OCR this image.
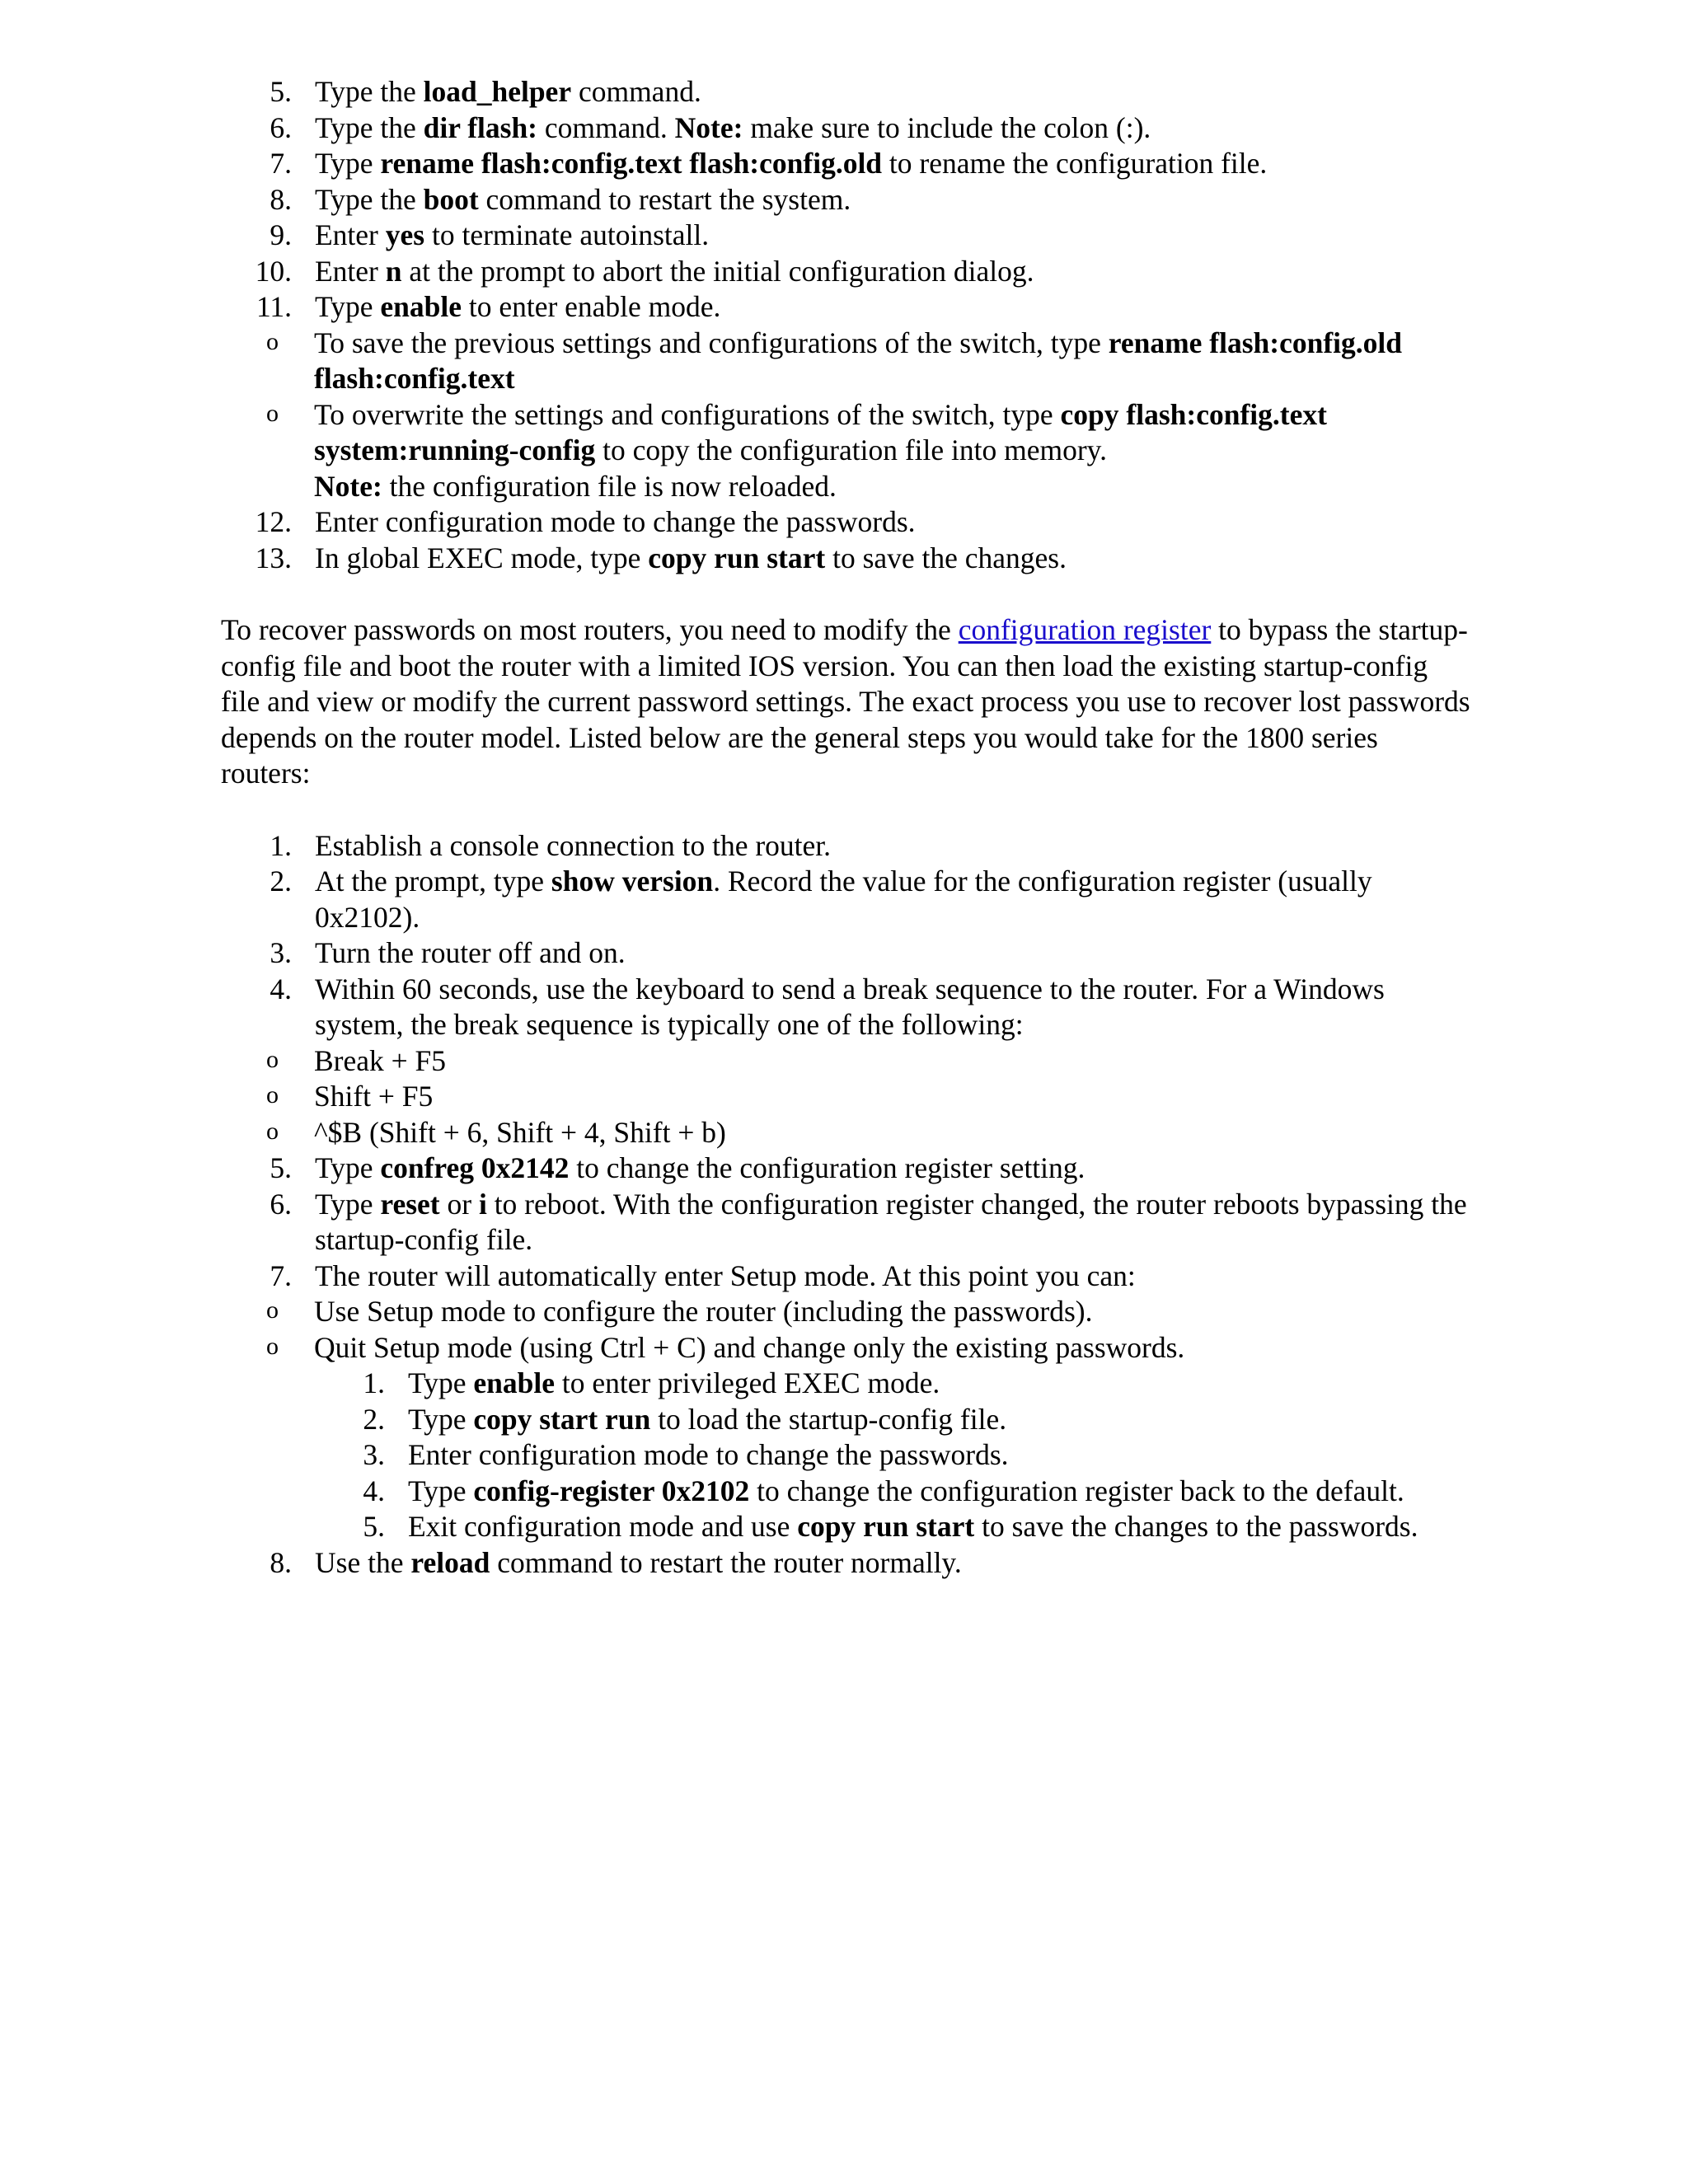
5. Type the load_helper command.
6. Type the dir flash: command. Note: make sure to include the colon (:).
7. Type rename flash:config.text flash:config.old to rename the configuration file.
8. Type the boot command to restart the system.
9. Enter yes to terminate autoinstall.
10. Enter n at the prompt to abort the initial configuration dialog.
11. Type enable to enter enable mode.
o To save the previous settings and configurations of the switch, type rename flash:config.old flash:config.text
o To overwrite the settings and configurations of the switch, type copy flash:config.text system:running-config to copy the configuration file into memory.
Note: the configuration file is now reloaded.
12. Enter configuration mode to change the passwords.
13. In global EXEC mode, type copy run start to save the changes.
To recover passwords on most routers, you need to modify the configuration register to bypass the startup-config file and boot the router with a limited IOS version. You can then load the existing startup-config file and view or modify the current password settings. The exact process you use to recover lost passwords depends on the router model. Listed below are the general steps you would take for the 1800 series routers:
1. Establish a console connection to the router.
2. At the prompt, type show version. Record the value for the configuration register (usually 0x2102).
3. Turn the router off and on.
4. Within 60 seconds, use the keyboard to send a break sequence to the router. For a Windows system, the break sequence is typically one of the following:
o Break + F5
o Shift + F5
o ^$B (Shift + 6, Shift + 4, Shift + b)
5. Type confreg 0x2142 to change the configuration register setting.
6. Type reset or i to reboot. With the configuration register changed, the router reboots bypassing the startup-config file.
7. The router will automatically enter Setup mode. At this point you can:
o Use Setup mode to configure the router (including the passwords).
o Quit Setup mode (using Ctrl + C) and change only the existing passwords.
1. Type enable to enter privileged EXEC mode.
2. Type copy start run to load the startup-config file.
3. Enter configuration mode to change the passwords.
4. Type config-register 0x2102 to change the configuration register back to the default.
5. Exit configuration mode and use copy run start to save the changes to the passwords.
8. Use the reload command to restart the router normally.
